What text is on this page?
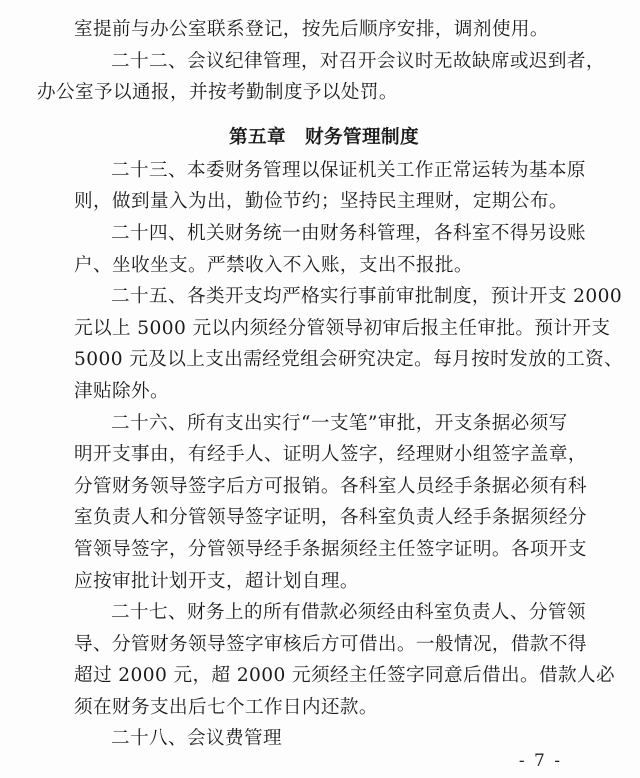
室提前与办公室联系登记，按先后顺序安排，调剂使用。

二十二、会议纪律管理，对召开会议时无故缺席或迟到者，
办公室予以通报，并按考勤制度予以处罚。

第五章　财务管理制度

二十三、本委财务管理以保证机关工作正常运转为基本原
则，做到量入为出，勤俭节约；坚持民主理财，定期公布。

二十四、机关财务统一由财务科管理，各科室不得另设账
户、坐收坐支。严禁收入不入账，支出不报批。

二十五、各类开支均严格实行事前审批制度，预计开支 2000
元以上 5000 元以内须经分管领导初审后报主任审批。预计开支
5000 元及以上支出需经党组会研究决定。每月按时发放的工资、
津贴除外。

二十六、所有支出实行“一支笔”审批，开支条据必须写
明开支事由，有经手人、证明人签字，经理财小组签字盖章，
分管财务领导签字后方可报销。各科室人员经手条据必须有科
室负责人和分管领导签字证明，各科室负责人经手条据须经分
管领导签字，分管领导经手条据须经主任签字证明。各项开支
应按审批计划开支，超计划自理。

二十七、财务上的所有借款必须经由科室负责人、分管领
导、分管财务领导签字审核后方可借出。一般情况，借款不得
超过 2000 元，超 2000 元须经主任签字同意后借出。借款人必
须在财务支出后七个工作日内还款。

二十八、会议费管理

- 7 -
